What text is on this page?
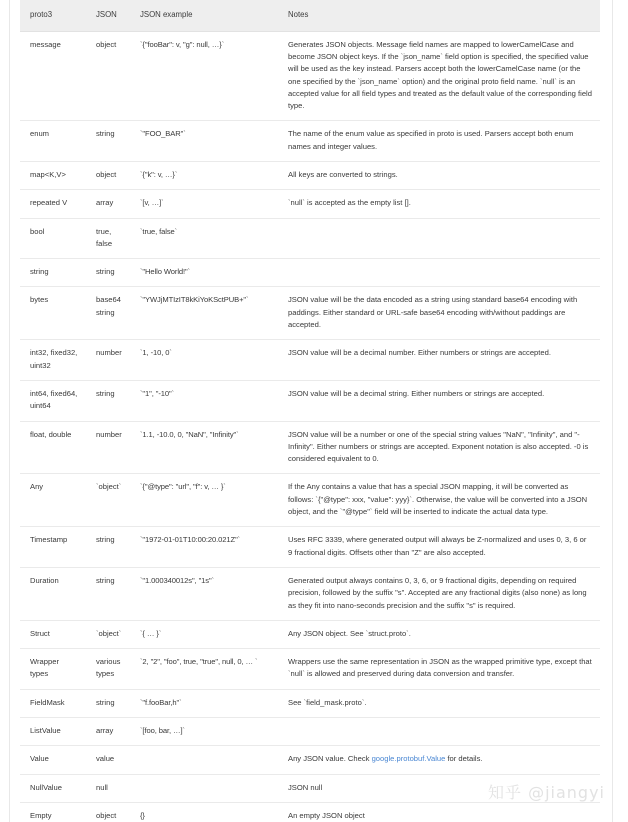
proto3	JSON	JSON example	Notes
message	object	`{"fooBar": v, "g": null, …}`	Generates JSON objects. Message field names are mapped to lowerCamelCase and become JSON object keys. If the `json_name` field option is specified, the specified value will be used as the key instead. Parsers accept both the lowerCamelCase name (or the one specified by the `json_name` option) and the original proto field name. `null` is an accepted value for all field types and treated as the default value of the corresponding field type.
enum	string	`"FOO_BAR"`	The name of the enum value as specified in proto is used. Parsers accept both enum names and integer values.
map<K,V>	object	`{"k": v, …}`	All keys are converted to strings.
repeated V	array	`[v, …]`	`null` is accepted as the empty list [].
bool	true, false	`true, false`	
string	string	`"Hello World!"`	
bytes	base64 string	`"YWJjMTIzIT8kKiYoKSctPUB+"`	JSON value will be the data encoded as a string using standard base64 encoding with paddings. Either standard or URL-safe base64 encoding with/without paddings are accepted.
int32, fixed32, uint32	number	`1, -10, 0`	JSON value will be a decimal number. Either numbers or strings are accepted.
int64, fixed64, uint64	string	`"1", "-10"`	JSON value will be a decimal string. Either numbers or strings are accepted.
float, double	number	`1.1, -10.0, 0, "NaN", "Infinity"`	JSON value will be a number or one of the special string values "NaN", "Infinity", and "-Infinity". Either numbers or strings are accepted. Exponent notation is also accepted. -0 is considered equivalent to 0.
Any	`object`	`{"@type": "url", "f": v, … }`	If the Any contains a value that has a special JSON mapping, it will be converted as follows: `{"@type": xxx, "value": yyy}`. Otherwise, the value will be converted into a JSON object, and the `"@type"` field will be inserted to indicate the actual data type.
Timestamp	string	`"1972-01-01T10:00:20.021Z"`	Uses RFC 3339, where generated output will always be Z-normalized and uses 0, 3, 6 or 9 fractional digits. Offsets other than "Z" are also accepted.
Duration	string	`"1.000340012s", "1s"`	Generated output always contains 0, 3, 6, or 9 fractional digits, depending on required precision, followed by the suffix "s". Accepted are any fractional digits (also none) as long as they fit into nano-seconds precision and the suffix "s" is required.
Struct	`object`	`{ … }`	Any JSON object. See `struct.proto`.
Wrapper types	various types	`2, "2", "foo", true, "true", null, 0, … `	Wrappers use the same representation in JSON as the wrapped primitive type, except that `null` is allowed and preserved during data conversion and transfer.
FieldMask	string	`"f.fooBar,h"`	See `field_mask.proto`.
ListValue	array	`[foo, bar, …]`	
Value	value		Any JSON value. Check google.protobuf.Value for details.
NullValue	null		JSON null
Empty	object	{}	An empty JSON object
知乎 @jiangyi
